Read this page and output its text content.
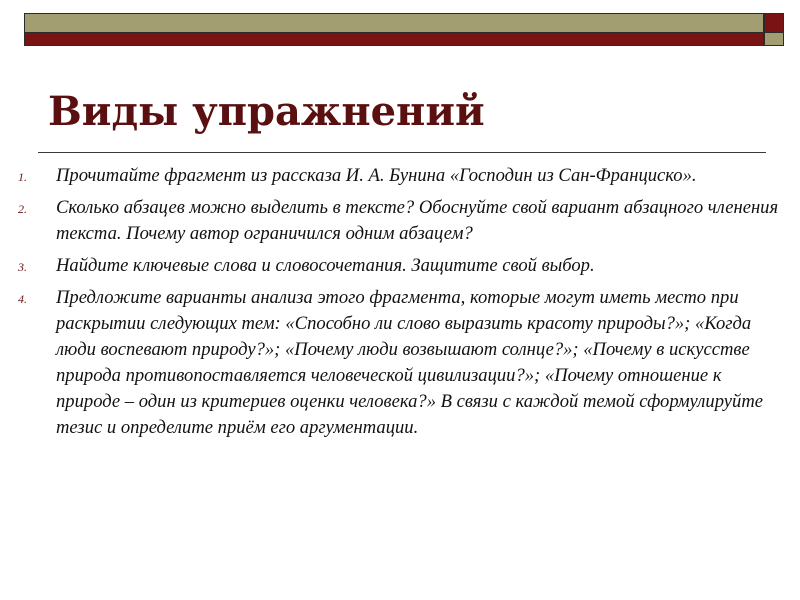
Виды упражнений
1. Прочитайте фрагмент из рассказа И. А. Бунина «Господин из Сан-Франциско».
2. Сколько абзацев можно выделить в тексте? Обоснуйте свой вариант абзацного членения текста. Почему автор ограничился одним абзацем?
3. Найдите ключевые слова и словосочетания. Защитите свой выбор.
4. Предложите варианты анализа этого фрагмента, которые могут иметь место при раскрытии следующих тем: «Способно ли слово выразить красоту природы?»; «Когда люди воспевают природу?»; «Почему люди возвышают солнце?»; «Почему в искусстве природа противопоставляется человеческой цивилизации?»; «Почему отношение к природе – один из критериев оценки человека?» В связи с каждой темой сформулируйте тезис и определите приём его аргументации.
